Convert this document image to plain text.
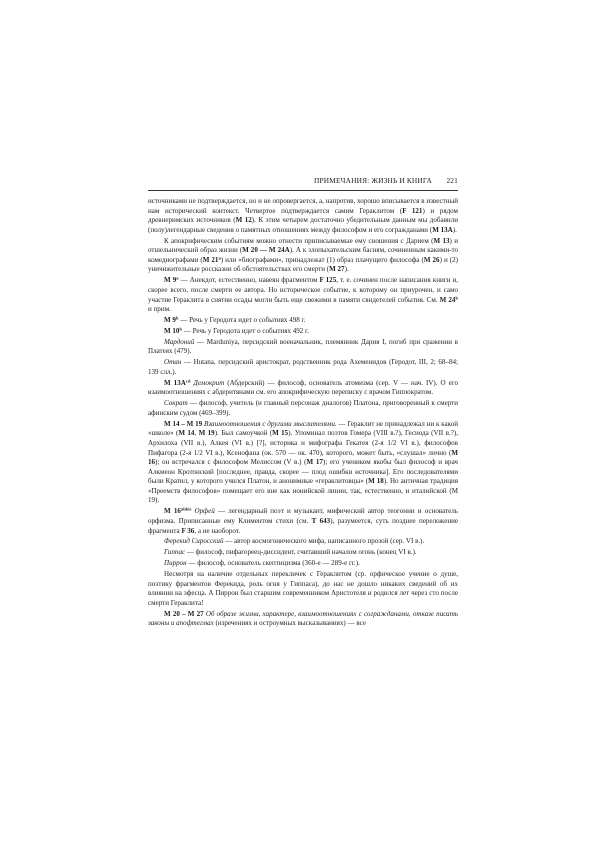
ПРИМЕЧАНИЯ: ЖИЗНЬ И КНИГА 221

источниками не подтверждается, но и не опровергается, а, напротив, хорошо вписывается в известный нам исторический контекст. Четвертое подтверждается самим Гераклитом (F 121) и рядом древнеримских источников (M 12). К этим четырем достаточно убедительным данным мы добавили (полу)легендарные сведения о памятных отношениях между философом и его согражданами (M 13A).

К апокрифическим событиям можно отнести приписываемые ему сношения с Дарием (M 13) и отшельнический образ жизни (M 20 — M 24A). А к злопыхательским басням, сочиненным какими-то комедиографами (M 21$^a$) или «биографами», принадлежат (1) образ плачущего философа (M 26) и (2) уничижительные россказни об обстоятельствах его смерти (M 27).

M 9$^a$ — Анекдот, естественно, навеян фрагментом F 125, т. е. сочинен после написания книги и, скорее всего, после смерти ее автора. Но историческое событие, к которому он приурочен, и само участие Гераклита в снятии осады могли быть еще свежими в памяти свидетелей события. См. M 24$^b$ и прим.

M 9$^b$ — Речь у Геродота идет о событиях 498 г.

M 10$^b$ — Речь у Геродота идет о событиях 492 г.

Мардоний — Marduniya, персидский военачальник, племянник Дария I, погиб при сражении в Платеях (479).

Отан — Hutana, персидский аристократ, родственник рода Ахеменидов (Геродот, III, 2; 68–84; 139 слл.).

M $13A^{cd}$ Демокрит (Абдерский) — философ, основатель атомизма (сер. V — нач. IV). О его взаимоотношениях с абдеритянами см. его апокрифическую переписку с врачом Гиппократом.

Сократ — философ, учитель (и главный персонаж диалогов) Платона, приговоренный к смерти афинским судом (469–399).

M 14 – M 19 Взаимоотношения с другими мыслителями. — Гераклит не принадлежал ни к какой «школе» (M 14, M 19). Был самоучкой (M 15). Упоминал поэтов Гомера (VIII в.?), Гесиода (VII в.?), Архилоха (VII в.), Алкея (VI в.) [?], историка и мифографа Гекатея (2-я 1/2 VI в.), философов Пифагора (2-я 1/2 VI в.), Ксенофана (ок. 570 — ок. 470), которого, может быть, «слушал» лично (M 16); он встречался с философом Мелиссом (V в.) (M 17); его учеником якобы был философ и врач Алкмеон Кротонский [последнее, правда, скорее — плод ошибки источника]. Его последователями были Кратил, у которого учился Платон, и анонимные «гераклитовцы» (M 18). Но античная традиция «Преемств философов» помещает его вне как ионийской линии, так, естественно, и италийской (M 19).

M $16^{abbis}$ Орфей — легендарный поэт и музыкант, мифический автор теогонии и основатель орфизма. Приписанные ему Климентом стихи (см. T 643), разумеется, суть позднее переложение фрагмента F 36, а не наоборот.

Ферекид Сиросский — автор космогонического мифа, написанного прозой (сер. VI в.).

Гиппас — философ, пифагореец-диссидент, считавший началом огонь (конец VI в.).

Пиррон — философ, основатель скептицизма (360-е — 289-е гг.).

Несмотря на наличие отдельных перекличек с Гераклитом (ср. орфическое учение о душе, поэтику фрагментов Ферекида, роль огня у Гиппаса), до нас не дошло никаких сведений об их влиянии на эфесца. А Пиррон был старшим современником Аристотеля и родился лет через сто после смерти Гераклита!

M 20 – M 27 Об образе жизни, характере, взаимоотношениях с согражданами, отказе писать законы и апофтегмах (изречениях и остроумных высказываниях) — все
